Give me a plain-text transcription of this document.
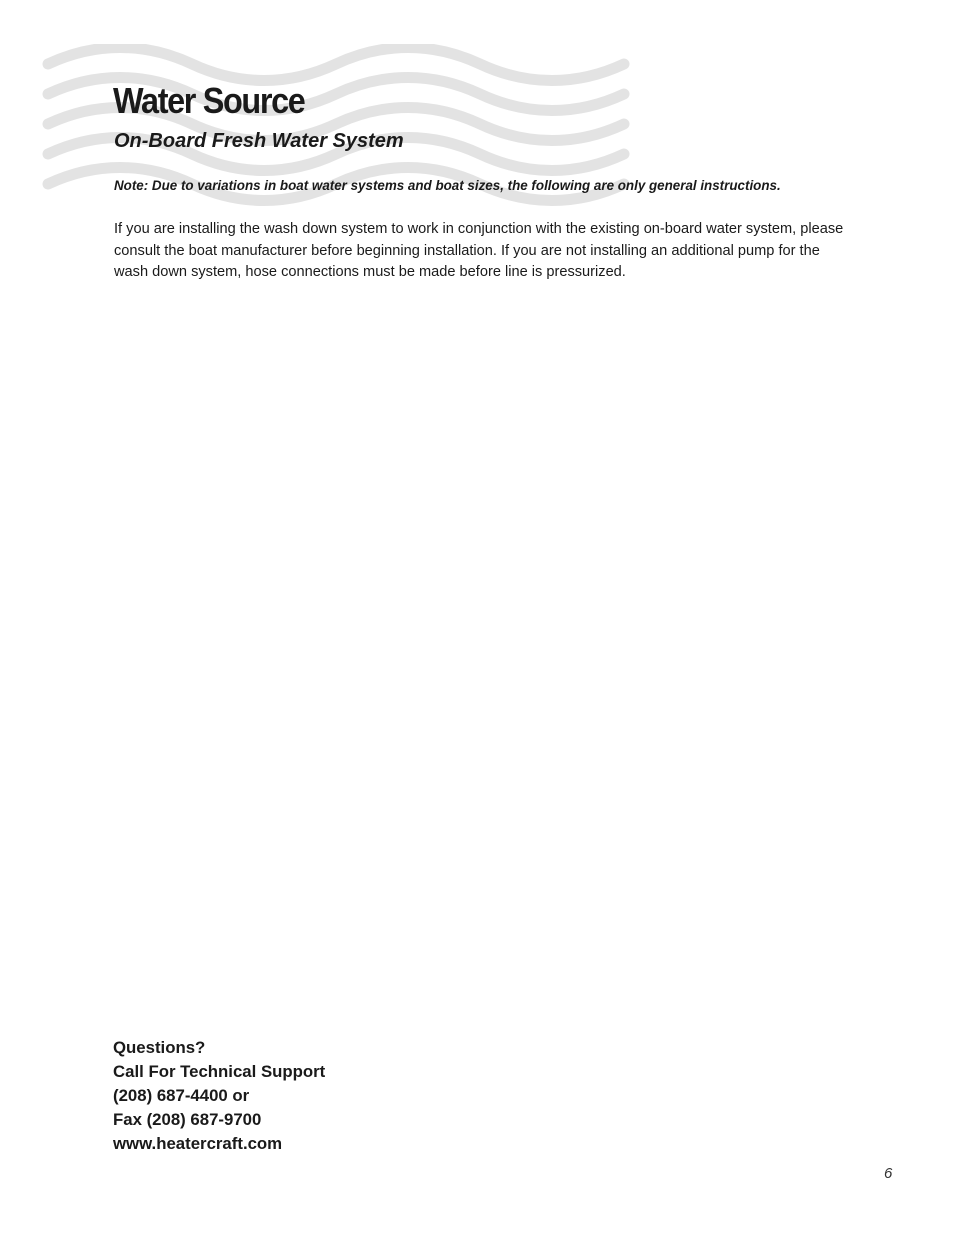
Water Source
On-Board Fresh Water System

Note: Due to variations in boat water systems and boat sizes, the following are only general instructions.

If you are installing the wash down system to work in conjunction with the existing on-board water system, please consult the boat manufacturer before beginning installation. If you are not installing an additional pump for the wash down system, hose connections must be made before line is pressurized.

Questions?
Call For Technical Support
(208) 687-4400 or
Fax (208) 687-9700
www.heatercraft.com
6
